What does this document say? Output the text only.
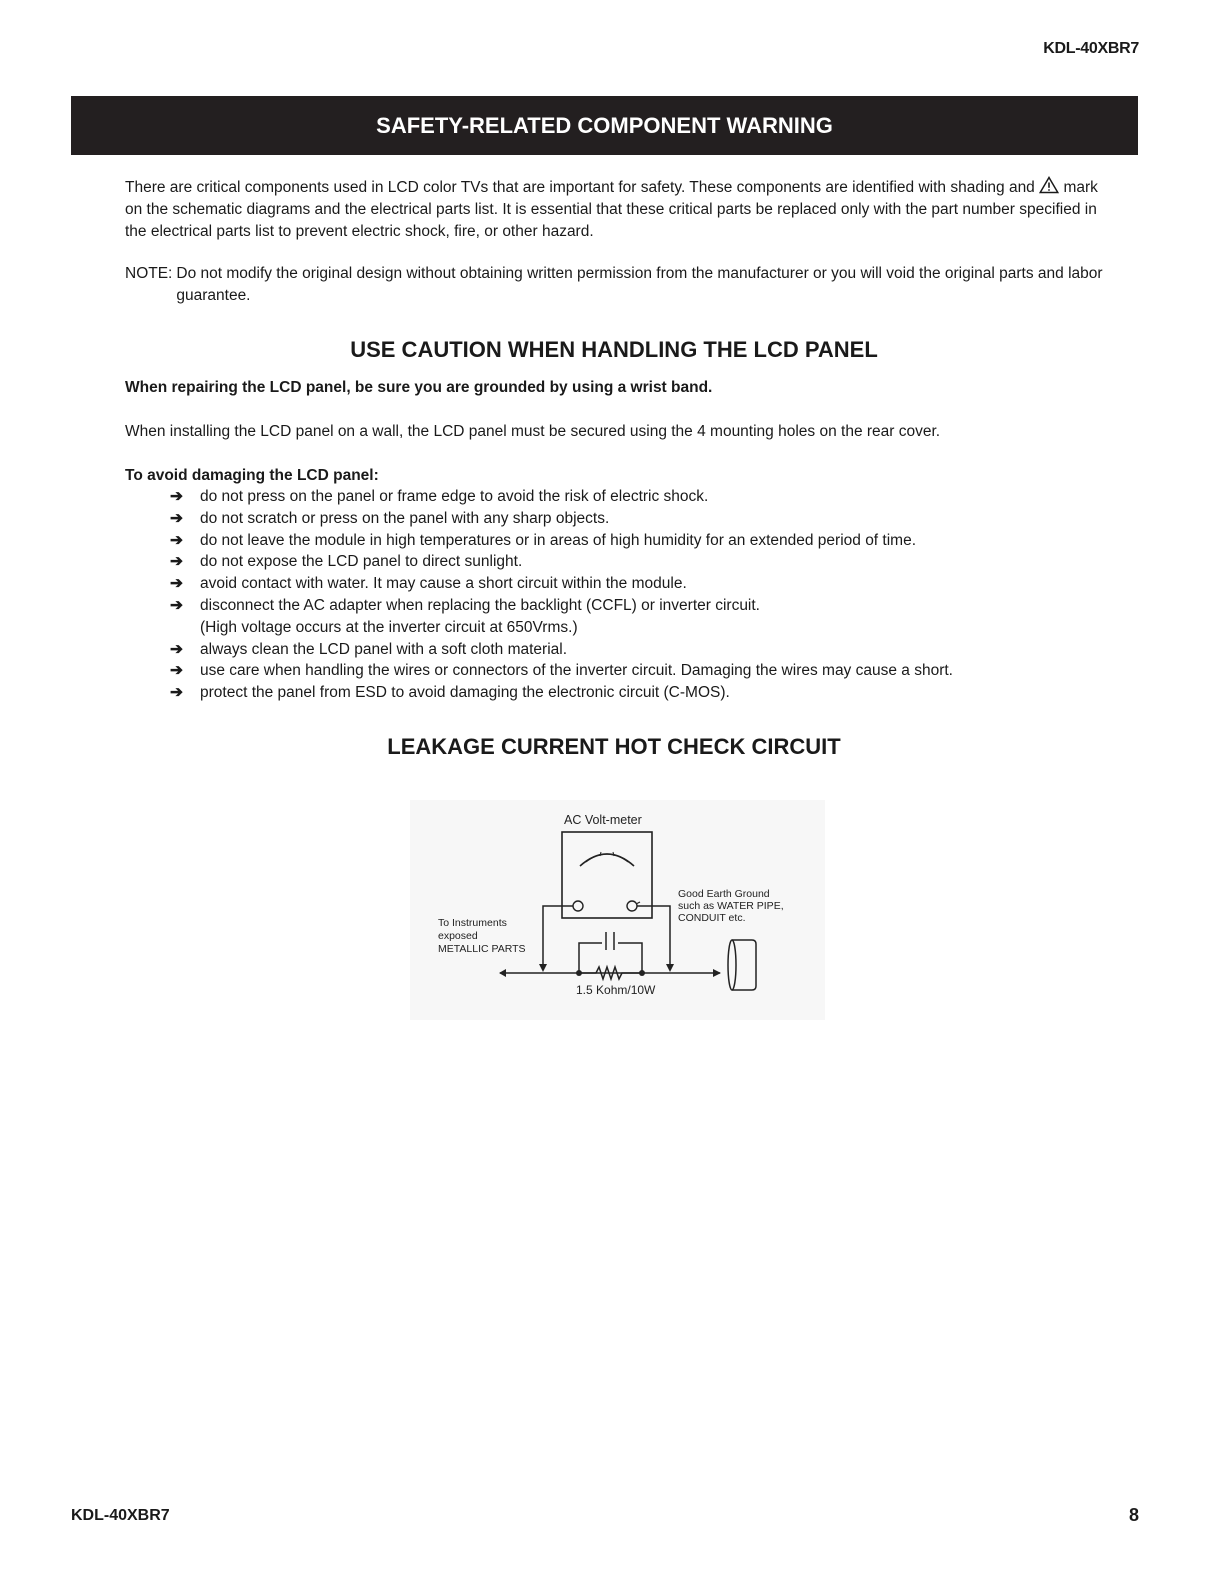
KDL-40XBR7
SAFETY-RELATED COMPONENT WARNING
There are critical components used in LCD color TVs that are important for safety. These components are identified with shading and mark on the schematic diagrams and the electrical parts list. It is essential that these critical parts be replaced only with the part number specified in the electrical parts list to prevent electric shock, fire, or other hazard.
NOTE: Do not modify the original design without obtaining written permission from the manufacturer or you will void the original parts and labor guarantee.
USE CAUTION WHEN HANDLING THE LCD PANEL
When repairing the LCD panel, be sure you are grounded by using a wrist band.
When installing the LCD panel on a wall, the LCD panel must be secured using the 4 mounting holes on the rear cover.
To avoid damaging the LCD panel:
➔	do not press on the panel or frame edge to avoid the risk of electric shock.
➔	do not scratch or press on the panel with any sharp objects.
➔	do not leave the module in high temperatures or in areas of high humidity for an extended period of time.
➔	do not expose the LCD panel to direct sunlight.
➔	avoid contact with water. It may cause a short circuit within the module.
➔	disconnect the AC adapter when replacing the backlight (CCFL) or inverter circuit.
(High voltage occurs at the inverter circuit at 650Vrms.)
➔	always clean the LCD panel with a soft cloth material.
➔	use care when handling the wires or connectors of the inverter circuit. Damaging the wires may cause a short.
➔	protect the panel from ESD to avoid damaging the electronic circuit (C-MOS).
LEAKAGE CURRENT HOT CHECK CIRCUIT
AC Volt-meter
To Instruments
exposed
METALLIC PARTS
Good Earth Ground
such as WATER PIPE,
CONDUIT etc.
1.5 Kohm/10W
KDL-40XBR7	8
